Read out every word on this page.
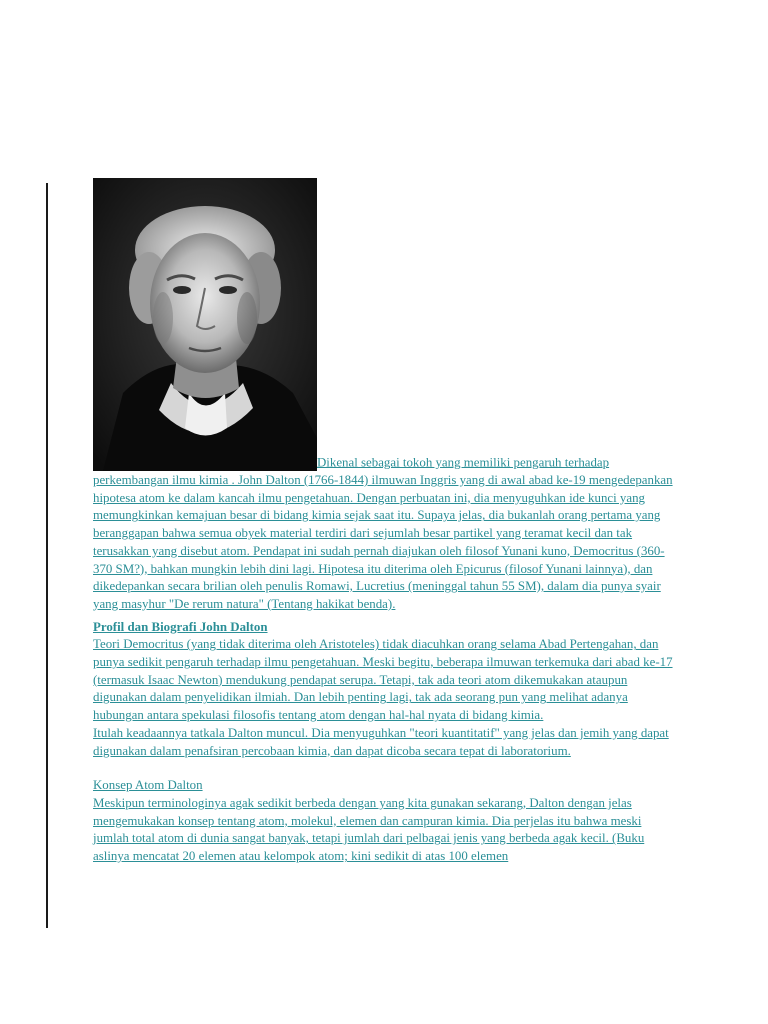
Dikenal sebagai tokoh yang memiliki pengaruh terhadap perkembangan ilmu kimia . John Dalton (1766-1844) ilmuwan Inggris yang di awal abad ke-19 mengedepankan hipotesa atom ke dalam kancah ilmu pengetahuan. Dengan perbuatan ini, dia menyuguhkan ide kunci yang memungkinkan kemajuan besar di bidang kimia sejak saat itu. Supaya jelas, dia bukanlah orang pertama yang beranggapan bahwa semua obyek material terdiri dari sejumlah besar partikel yang teramat kecil dan tak terusakkan yang disebut atom. Pendapat ini sudah pernah diajukan oleh filosof Yunani kuno, Democritus (360-370 SM?), bahkan mungkin lebih dini lagi. Hipotesa itu diterima oleh Epicurus (filosof Yunani lainnya), dan dikedepankan secara brilian oleh penulis Romawi, Lucretius (meninggal tahun 55 SM), dalam dia punya syair yang masyhur "De rerum natura" (Tentang hakikat benda).

Profil dan Biografi John Dalton

Teori Democritus (yang tidak diterima oleh Aristoteles) tidak diacuhkan orang selama Abad Pertengahan, dan punya sedikit pengaruh terhadap ilmu pengetahuan. Meski begitu, beberapa ilmuwan terkemuka dari abad ke-17 (termasuk Isaac Newton) mendukung pendapat serupa. Tetapi, tak ada teori atom dikemukakan ataupun digunakan dalam penyelidikan ilmiah. Dan lebih penting lagi, tak ada seorang pun yang melihat adanya hubungan antara spekulasi filosofis tentang atom dengan hal-hal nyata di bidang kimia.

Itulah keadaannya tatkala Dalton muncul. Dia menyuguhkan "teori kuantitatif" yang jelas dan jemih yang dapat digunakan dalam penafsiran percobaan kimia, dan dapat dicoba secara tepat di laboratorium.

Konsep Atom Dalton

Meskipun terminologinya agak sedikit berbeda dengan yang kita gunakan sekarang, Dalton dengan jelas mengemukakan konsep tentang atom, molekul, elemen dan campuran kimia. Dia perjelas itu bahwa meski jumlah total atom di dunia sangat banyak, tetapi jumlah dari pelbagai jenis yang berbeda agak kecil. (Buku aslinya mencatat 20 elemen atau kelompok atom; kini sedikit di atas 100 elemen
